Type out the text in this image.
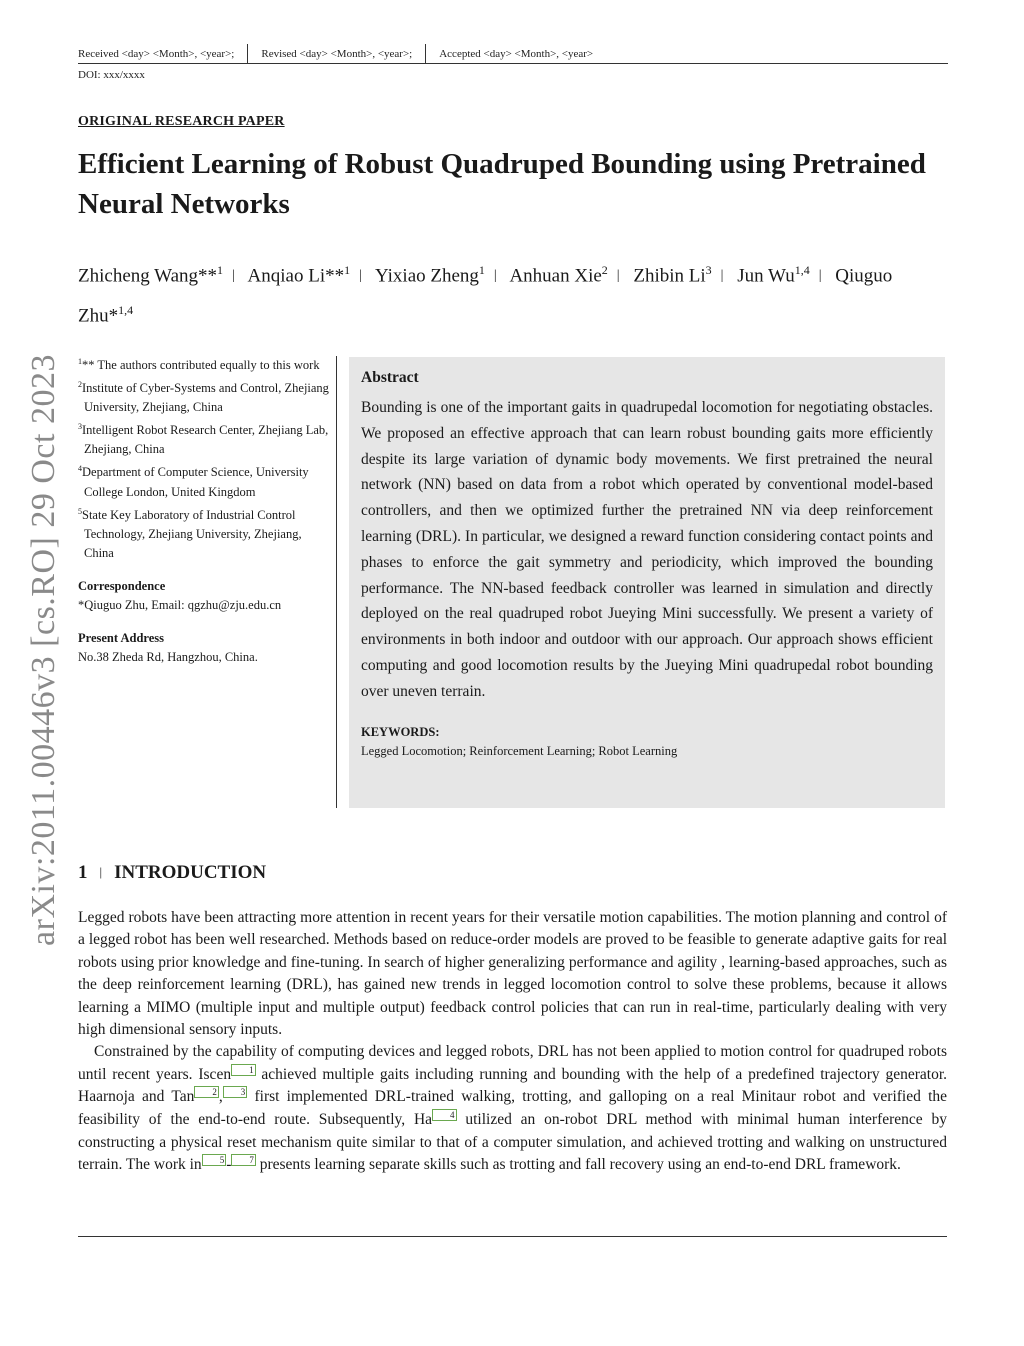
Received <day> <Month>, <year>; Revised <day> <Month>, <year>; Accepted <day> <Month>, <year>
DOI: xxx/xxxx
ORIGINAL RESEARCH PAPER
Efficient Learning of Robust Quadruped Bounding using Pretrained Neural Networks
Zhicheng Wang**$^1$ | Anqiao Li**$^1$ | Yixiao Zheng$^1$ | Anhuan Xie$^2$ | Zhibin Li$^3$ | Jun Wu$^{1,4}$ | Qiuguo Zhu*$^{1,4}$
arXiv:2011.00446v3 [cs.RO] 29 Oct 2023 $^1$** The authors contributed equally to this work
$^2$Institute of Cyber-Systems and Control, Zhejiang University, Zhejiang, China
$^3$Intelligent Robot Research Center, Zhejiang Lab, Zhejiang, China
$^4$Department of Computer Science, University College London, United Kingdom
$^5$State Key Laboratory of Industrial Control Technology, Zhejiang University, Zhejiang, China
Correspondence
*Qiuguo Zhu, Email: qgzhu@zju.edu.cn
Present Address
No.38 Zheda Rd, Hangzhou, China.
Abstract
Bounding is one of the important gaits in quadrupedal locomotion for negotiating obstacles. We proposed an effective approach that can learn robust bounding gaits more efficiently despite its large variation of dynamic body movements. We first pretrained the neural network (NN) based on data from a robot which operated by conventional model-based controllers, and then we optimized further the pretrained NN via deep reinforcement learning (DRL). In particular, we designed a reward function considering contact points and phases to enforce the gait symmetry and periodicity, which improved the bounding performance. The NN-based feedback controller was learned in simulation and directly deployed on the real quadruped robot Jueying Mini successfully. We present a variety of environments in both indoor and outdoor with our approach. Our approach shows efficient computing and good locomotion results by the Jueying Mini quadrupedal robot bounding over uneven terrain.
KEYWORDS:
Legged Locomotion; Reinforcement Learning; Robot Learning
1 | INTRODUCTION

Legged robots have been attracting more attention in recent years for their versatile motion capabilities. The motion planning and control of a legged robot has been well researched. Methods based on reduce-order models are proved to be feasible to generate adaptive gaits for real robots using prior knowledge and fine-tuning. In search of higher generalizing performance and agility , learning-based approaches, such as the deep reinforcement learning (DRL), has gained new trends in legged locomotion control to solve these problems, because it allows learning a MIMO (multiple input and multiple output) feedback control policies that can run in real-time, particularly dealing with very high dimensional sensory inputs.

Constrained by the capability of computing devices and legged robots, DRL has not been applied to motion control for quadruped robots until recent years. Iscen 1 achieved multiple gaits including running and bounding with the help of a predefined trajectory generator. Haarnoja and Tan 2 , 3 first implemented DRL-trained walking, trotting, and galloping on a real Minitaur robot and verified the feasibility of the end-to-end route. Subsequently, Ha 4 utilized an on-robot DRL method with minimal human interference by constructing a physical reset mechanism quite similar to that of a computer simulation, and achieved trotting and walking on unstructured terrain. The work in 5 - 7 presents learning separate skills such as trotting and fall recovery using an end-to-end DRL framework.
